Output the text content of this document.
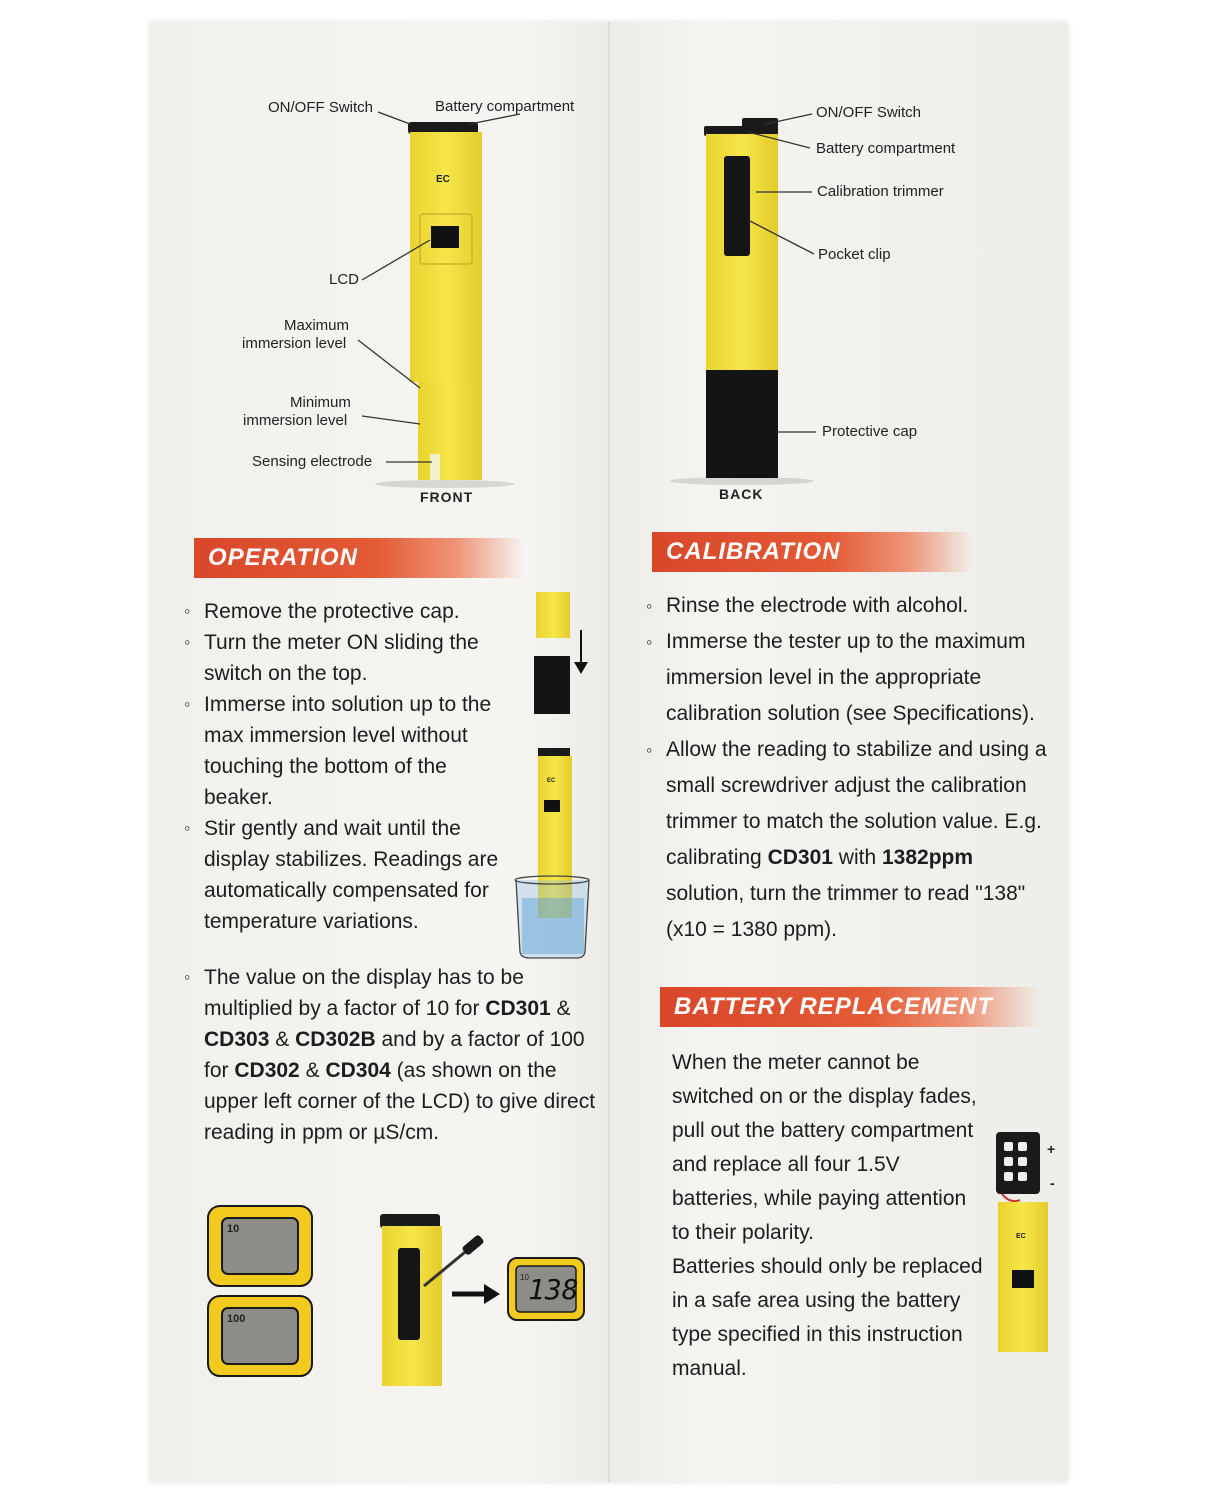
ON/OFF Switch	Battery compartment
EC
LCD
Maximum
immersion level
Minimum
immersion level
Sensing electrode
FRONT
ON/OFF Switch
Battery compartment
Calibration trimmer
Pocket clip
Protective cap
BACK
OPERATION

◦ Remove the protective cap.

◦ Turn the meter ON sliding the switch on the top.

◦ Immerse into solution up to the max immersion level without touching the bottom of the beaker.

◦ Stir gently and wait until the display stabilizes. Readings are automatically compensated for temperature variations.

◦ The value on the display has to be multiplied by a factor of 10 for CD301 & CD303 & CD302B and by a factor of 100 for CD302 & CD304 (as shown on the upper left corner of the LCD) to give direct reading in ppm or µS/cm.

10
100
10 138
EC
CALIBRATION

◦ Rinse the electrode with alcohol.

◦ Immerse the tester up to the maximum immersion level in the appropriate calibration solution (see Specifications).

◦ Allow the reading to stabilize and using a small screwdriver adjust the calibration trimmer to match the solution value. E.g. calibrating CD301 with 1382ppm solution, turn the trimmer to read "138" (x10 = 1380 ppm).

BATTERY REPLACEMENT

When the meter cannot be switched on or the display fades, pull out the battery compartment and replace all four 1.5V batteries, while paying attention to their polarity.

Batteries should only be replaced in a safe area using the battery type specified in this instruction manual.

+
-
EC
